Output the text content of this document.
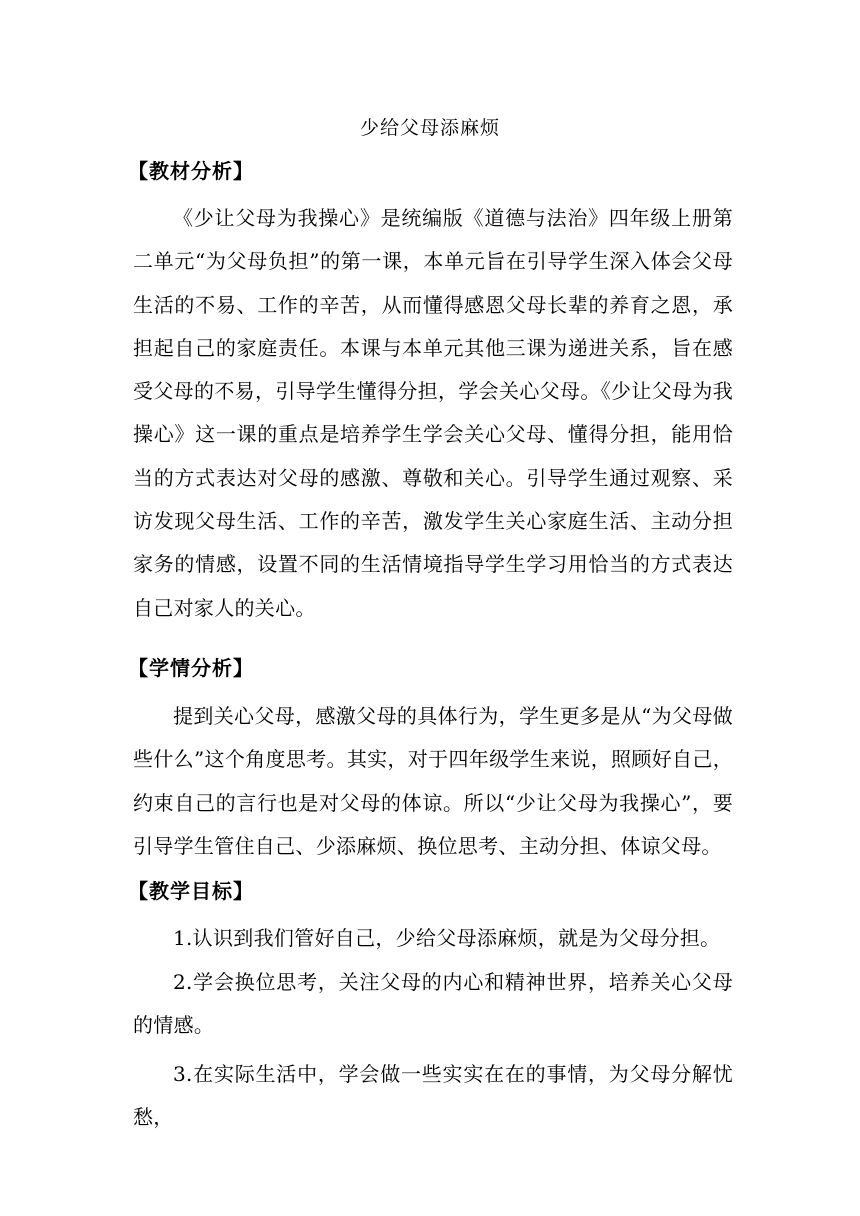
少给父母添麻烦
【教材分析】
《少让父母为我操心》是统编版《道德与法治》四年级上册第二单元“为父母负担”的第一课，本单元旨在引导学生深入体会父母生活的不易、工作的辛苦，从而懂得感恩父母长辈的养育之恩，承担起自己的家庭责任。本课与本单元其他三课为递进关系，旨在感受父母的不易，引导学生懂得分担，学会关心父母。《少让父母为我操心》这一课的重点是培养学生学会关心父母、懂得分担，能用恰当的方式表达对父母的感激、尊敬和关心。引导学生通过观察、采访发现父母生活、工作的辛苦，激发学生关心家庭生活、主动分担家务的情感，设置不同的生活情境指导学生学习用恰当的方式表达自己对家人的关心。
【学情分析】
提到关心父母，感激父母的具体行为，学生更多是从“为父母做些什么”这个角度思考。其实，对于四年级学生来说，照顾好自己，约束自己的言行也是对父母的体谅。所以“少让父母为我操心”，要引导学生管住自己、少添麻烦、换位思考、主动分担、体谅父母。
【教学目标】
1.认识到我们管好自己，少给父母添麻烦，就是为父母分担。
2.学会换位思考，关注父母的内心和精神世界，培养关心父母的情感。
3.在实际生活中，学会做一些实实在在的事情，为父母分解忧愁，
